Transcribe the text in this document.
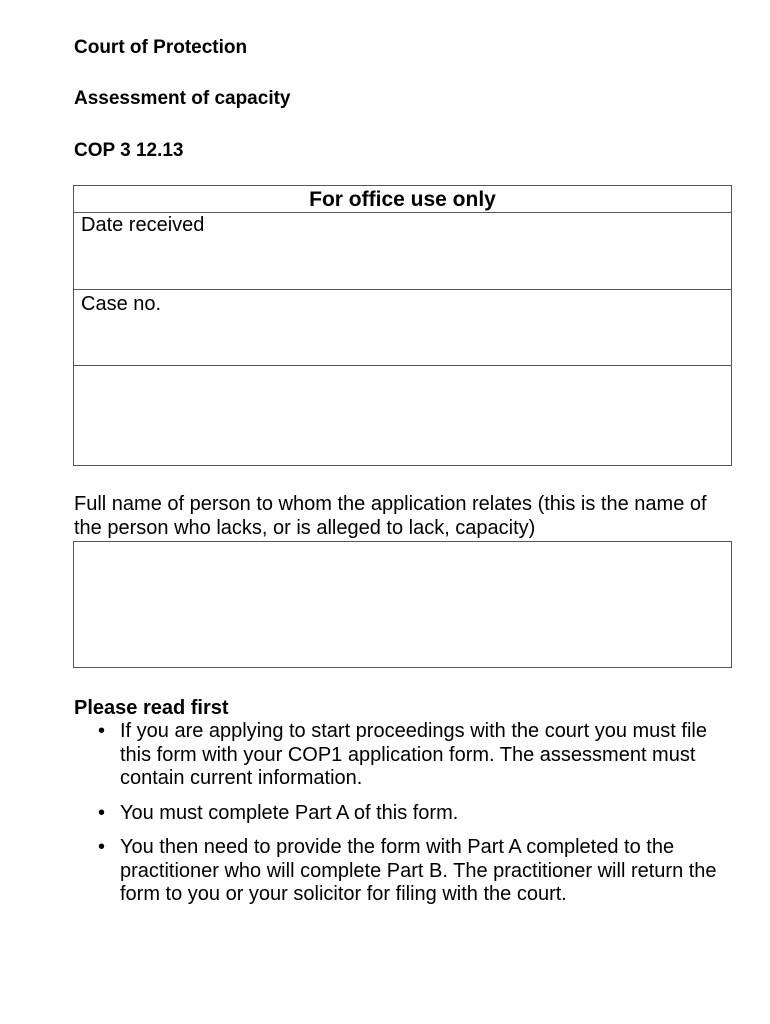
Court of Protection
Assessment of capacity
COP 3 12.13
For office use only
Date received
Case no.
Full name of person to whom the application relates (this is the name of the person who lacks, or is alleged to lack, capacity)
Please read first
• If you are applying to start proceedings with the court you must file this form with your COP1 application form. The assessment must contain current information.
• You must complete Part A of this form.
• You then need to provide the form with Part A completed to the practitioner who will complete Part B. The practitioner will return the form to you or your solicitor for filing with the court.
